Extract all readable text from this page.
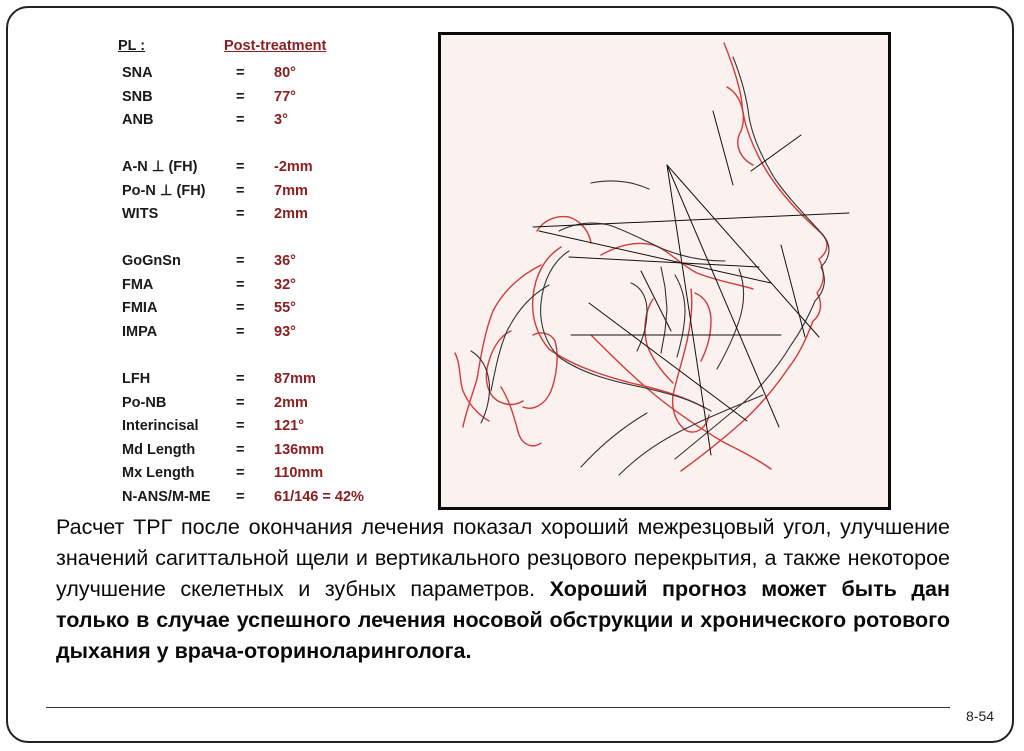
PL :	Post-treatment
SNA	= 80°
SNB	= 77°
ANB	= 3°
A-N ⊥ (FH)	= -2mm
Po-N ⊥ (FH) = 7mm
WITS	= 2mm
GoGnSn	= 36°
FMA	= 32°
FMIA	= 55°
IMPA	= 93°
LFH	= 87mm
Po-NB	= 2mm
Interincisal	= 121°
Md Length	= 136mm
Mx Length	= 110mm
N-ANS/M-ME = 61/146 = 42%
Расчет ТРГ после окончания лечения показал хороший межрезцовый угол, улучшение значений сагиттальной щели и вертикального резцового перекрытия, а также некоторое улучшение скелетных и зубных параметров. Хороший прогноз может быть дан только в случае успешного лечения носовой обструкции и хронического ротового дыхания у врача-оториноларинголога.
8-54
